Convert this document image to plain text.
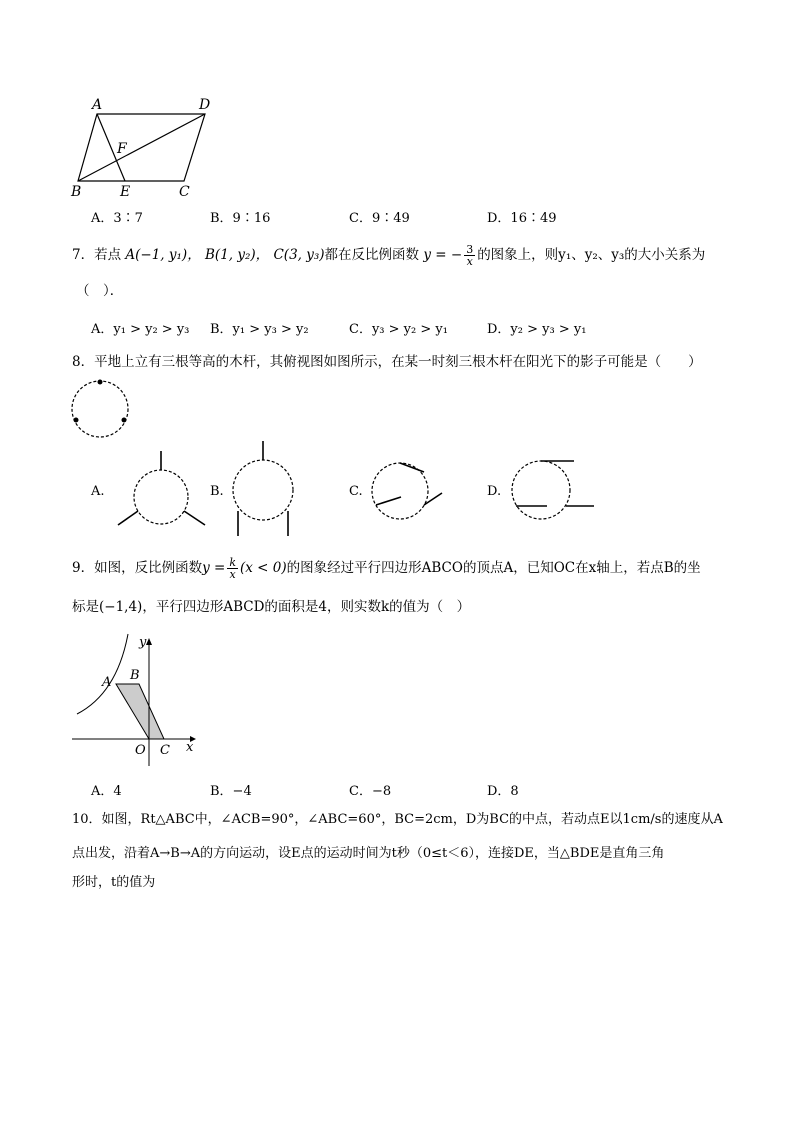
A	D
F
B	E	C
A．3∶7	B．9∶16	C．9∶49	D．16∶49
7．若点 A(−1, y₁)， B(1, y₂)， C(3, y₃)都在反比例函数 y = − $\frac{3}{x}$ 的图象上，则y₁、y₂、y₃的大小关系为
（　）．
A．y₁ > y₂ > y₃ B．y₁ > y₃ > y₂	C．y₃ > y₂ > y₁	D．y₂ > y₃ > y₁
8．平地上立有三根等高的木杆，其俯视图如图所示，在某一时刻三根木杆在阳光下的影子可能是（　　）
A.	B.	C.	D.
9．如图，反比例函数$y = \frac{k}{x} (x < 0)$的图象经过平行四边形ABCO的顶点A，已知OC在x轴上，若点B的坐
标是(−1,4)，平行四边形ABCD的面积是4，则实数k的值为（　）
y
A B
O C x
A．4	B．−4	C．−8	D．8
10．如图，Rt△ABC中，∠ACB=90°，∠ABC=60°，BC=2cm，D为BC的中点，若动点E以1cm/s的速度从A
点出发，沿着A→B→A的方向运动，设E点的运动时间为t秒（0≤t＜6），连接DE，当△BDE是直角三角
形时，t的值为
